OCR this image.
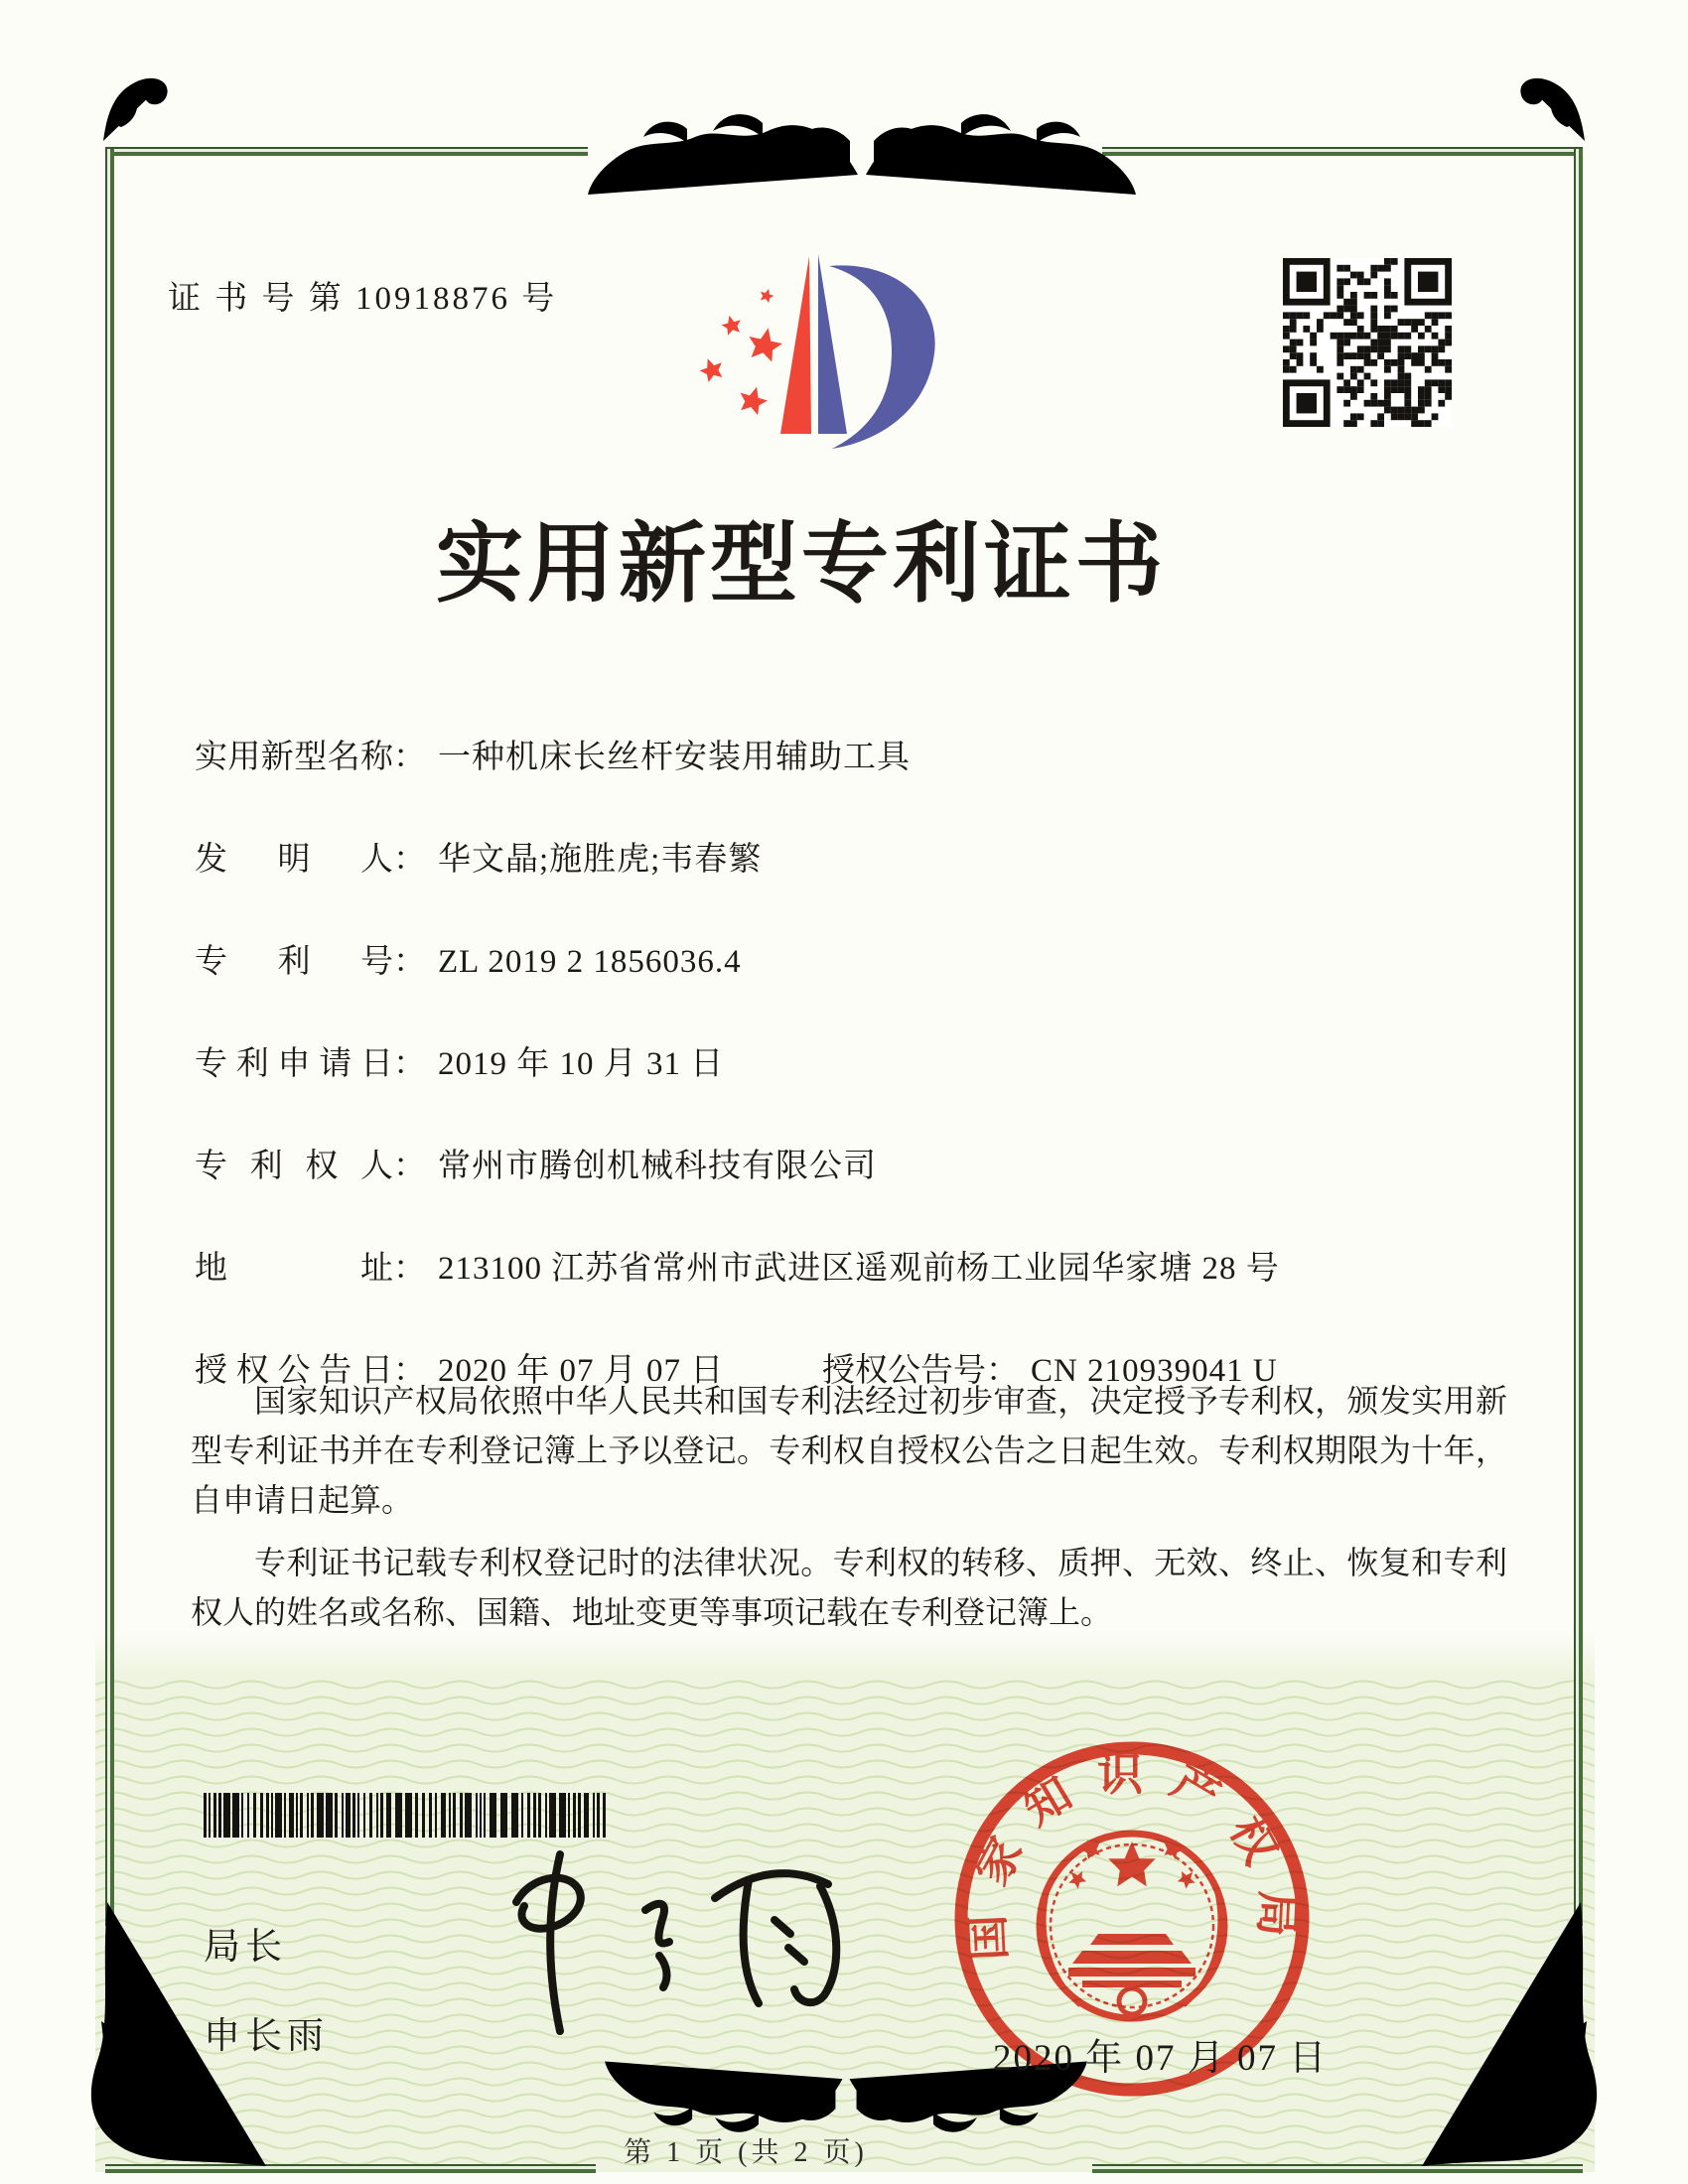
证 书 号 第 10918876 号
实用新型专利证书
实用新型名称： 一种机床长丝杆安装用辅助工具
发明人： 华文晶;施胜虎;韦春繁
专利号： ZL 2019 2 1856036.4
专利申请日： 2019 年 10 月 31 日
专利权人： 常州市腾创机械科技有限公司
地址： 213100 江苏省常州市武进区遥观前杨工业园华家塘 28 号
授权公告日： 2020 年 07 月 07 日	授权公告号： CN 210939041 U

国家知识产权局依照中华人民共和国专利法经过初步审查，决定授予专利权，颁发实用新型专利证书并在专利登记簿上予以登记。专利权自授权公告之日起生效。专利权期限为十年，自申请日起算。

专利证书记载专利权登记时的法律状况。专利权的转移、质押、无效、终止、恢复和专利权人的姓名或名称、国籍、地址变更等事项记载在专利登记簿上。

局长
申长雨
国家知识产权局
2020 年 07 月 07 日
第 1 页 (共 2 页)
